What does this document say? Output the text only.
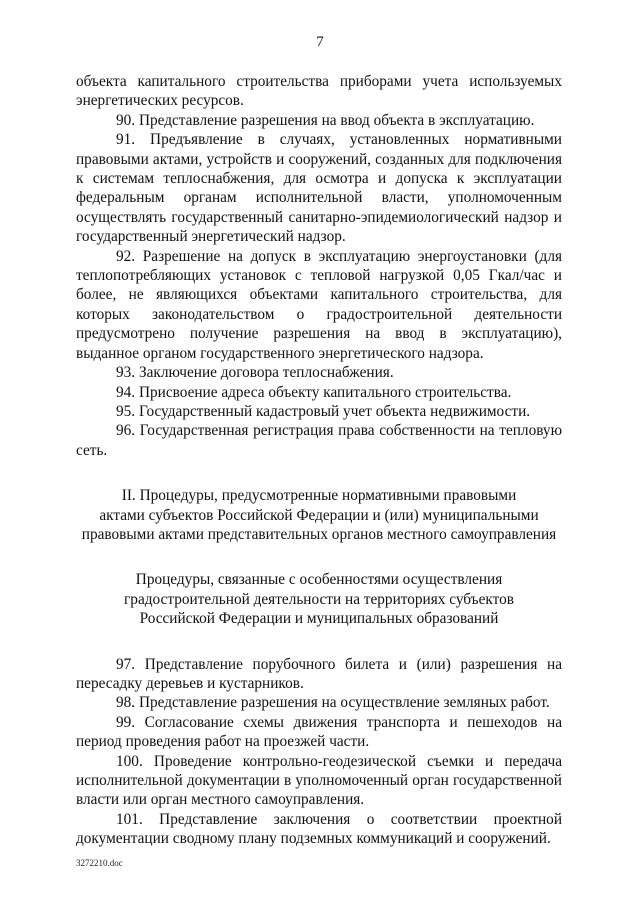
7

объекта капитального строительства приборами учета используемых энергетических ресурсов.

90. Представление разрешения на ввод объекта в эксплуатацию.

91. Предъявление в случаях, установленных нормативными правовыми актами, устройств и сооружений, созданных для подключения к системам теплоснабжения, для осмотра и допуска к эксплуатации федеральным органам исполнительной власти, уполномоченным осуществлять государственный санитарно-эпидемиологический надзор и государственный энергетический надзор.

92. Разрешение на допуск в эксплуатацию энергоустановки (для теплопотребляющих установок с тепловой нагрузкой 0,05 Гкал/час и более, не являющихся объектами капитального строительства, для которых законодательством о градостроительной деятельности предусмотрено получение разрешения на ввод в эксплуатацию), выданное органом государственного энергетического надзора.

93. Заключение договора теплоснабжения.

94. Присвоение адреса объекту капитального строительства.

95. Государственный кадастровый учет объекта недвижимости.

96. Государственная регистрация права собственности на тепловую сеть.

II. Процедуры, предусмотренные нормативными правовыми
актами субъектов Российской Федерации и (или) муниципальными
правовыми актами представительных органов местного самоуправления
Процедуры, связанные с особенностями осуществления
градостроительной деятельности на территориях субъектов
Российской Федерации и муниципальных образований

97. Представление порубочного билета и (или) разрешения на пересадку деревьев и кустарников.

98. Представление разрешения на осуществление земляных работ.

99. Согласование схемы движения транспорта и пешеходов на период проведения работ на проезжей части.

100. Проведение контрольно-геодезической съемки и передача исполнительной документации в уполномоченный орган государственной власти или орган местного самоуправления.

101. Представление заключения о соответствии проектной документации сводному плану подземных коммуникаций и сооружений.

3272210.doc
